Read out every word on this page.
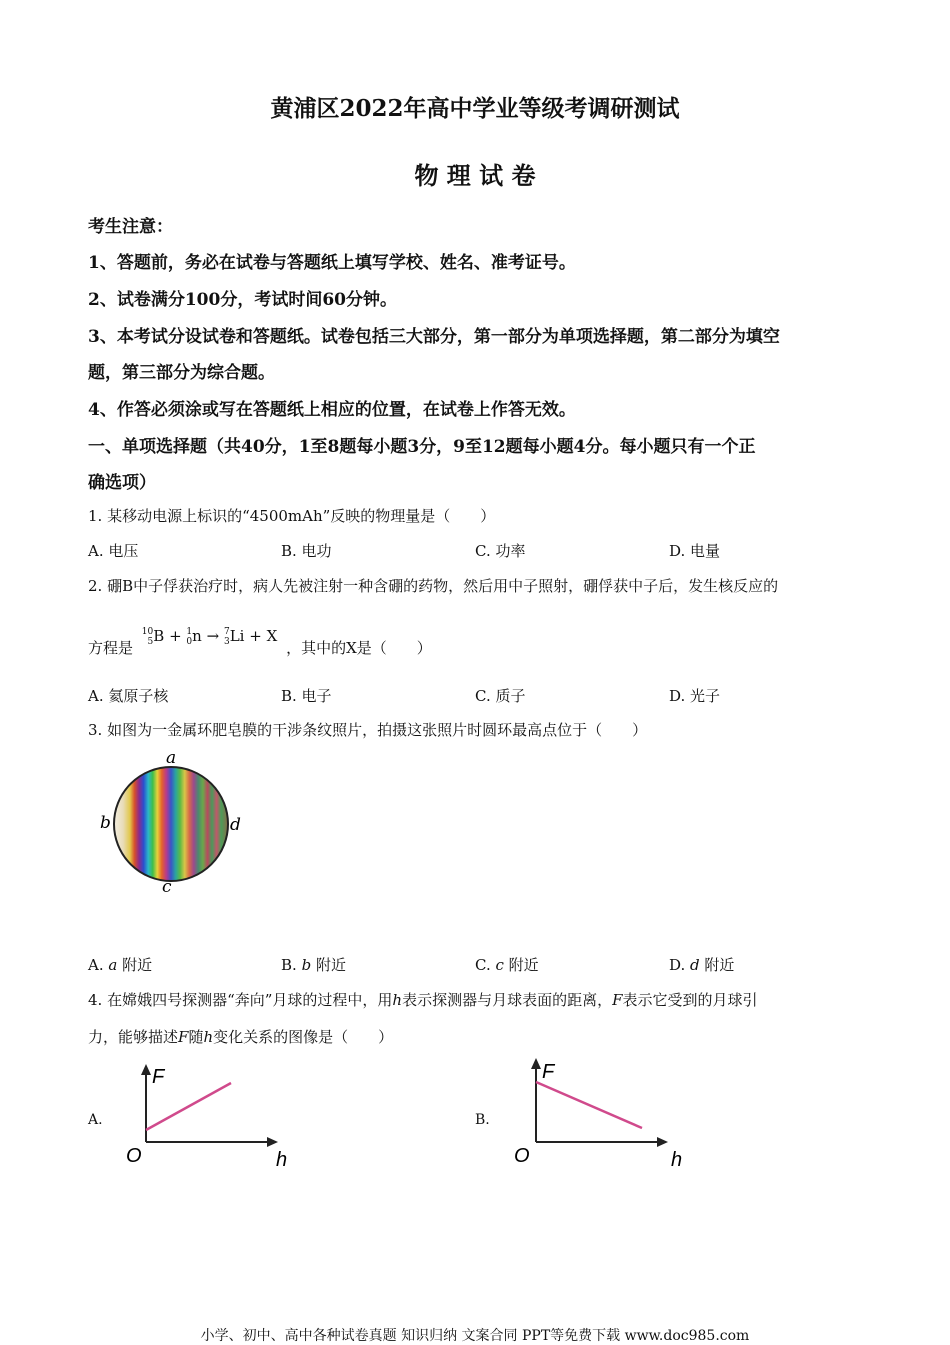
黄浦区2022年高中学业等级考调研测试
物 理 试 卷
考生注意：
1、答题前，务必在试卷与答题纸上填写学校、姓名、准考证号。
2、试卷满分100分，考试时间60分钟。
3、本考试分设试卷和答题纸。试卷包括三大部分，第一部分为单项选择题，第二部分为填空
题，第三部分为综合题。
4、作答必须涂或写在答题纸上相应的位置，在试卷上作答无效。
一、单项选择题（共40分，1至8题每小题3分，9至12题每小题4分。每小题只有一个正
确选项）
1. 某移动电源上标识的“4500mAh”反映的物理量是（　　）
A. 电压	B. 电功	C. 功率	D. 电量
2. 硼B中子俘获治疗时，病人先被注射一种含硼的药物，然后用中子照射，硼俘获中子后，发生核反应的
方程是
10
5 B + 1
0 n → 7
3 Li + X ，其中的X是（　　）
A. 氦原子核	B. 电子	C. 质子	D. 光子
3. 如图为一金属环肥皂膜的干涉条纹照片，拍摄这张照片时圆环最高点位于（　　）
a
b
c
d
A. a 附近	B. b 附近	C. c 附近	D. d 附近
4. 在嫦娥四号探测器“奔向”月球的过程中，用h表示探测器与月球表面的距离，F表示它受到的月球引
力，能够描述F随h变化关系的图像是（　　）
A.
F
h
O
B.
F
h
O
小学、初中、高中各种试卷真题 知识归纳 文案合同 PPT等免费下载 www.doc985.com
